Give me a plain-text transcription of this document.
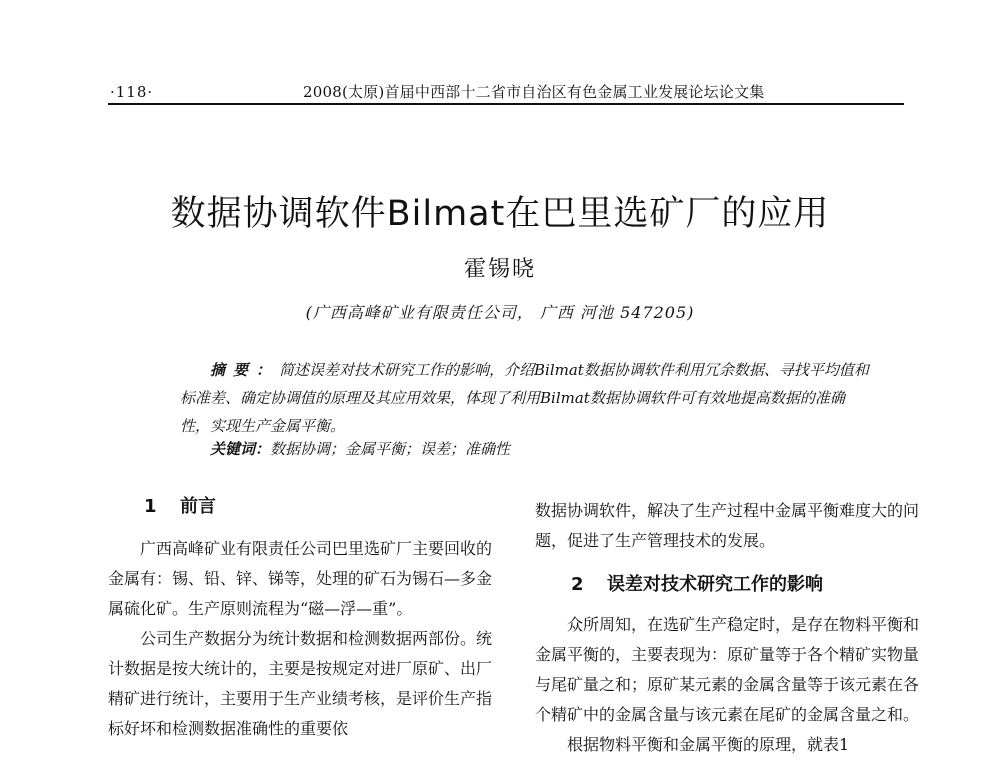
·118·	2008(太原)首届中西部十二省市自治区有色金属工业发展论坛论文集
数据协调软件Bilmat在巴里选矿厂的应用
霍锡晓
(广西高峰矿业有限责任公司， 广西 河池 547205)

摘要：简述误差对技术研究工作的影响，介绍Bilmat数据协调软件利用冗余数据、寻找平均值和标准差、确定协调值的原理及其应用效果，体现了利用Bilmat数据协调软件可有效地提高数据的准确性，实现生产金属平衡。

关键词：数据协调；金属平衡；误差；准确性

1 前言

广西高峰矿业有限责任公司巴里选矿厂主要回收的金属有：锡、铅、锌、锑等，处理的矿石为锡石—多金属硫化矿。生产原则流程为“磁—浮—重”。

公司生产数据分为统计数据和检测数据两部份。统计数据是按大统计的，主要是按规定对进厂原矿、出厂精矿进行统计，主要用于生产业绩考核，是评价生产指标好坏和检测数据准确性的重要依

数据协调软件，解决了生产过程中金属平衡难度大的问题，促进了生产管理技术的发展。

2 误差对技术研究工作的影响

众所周知，在选矿生产稳定时，是存在物料平衡和金属平衡的，主要表现为：原矿量等于各个精矿实物量与尾矿量之和；原矿某元素的金属含量等于该元素在各个精矿中的金属含量与该元素在尾矿的金属含量之和。

根据物料平衡和金属平衡的原理，就表1
